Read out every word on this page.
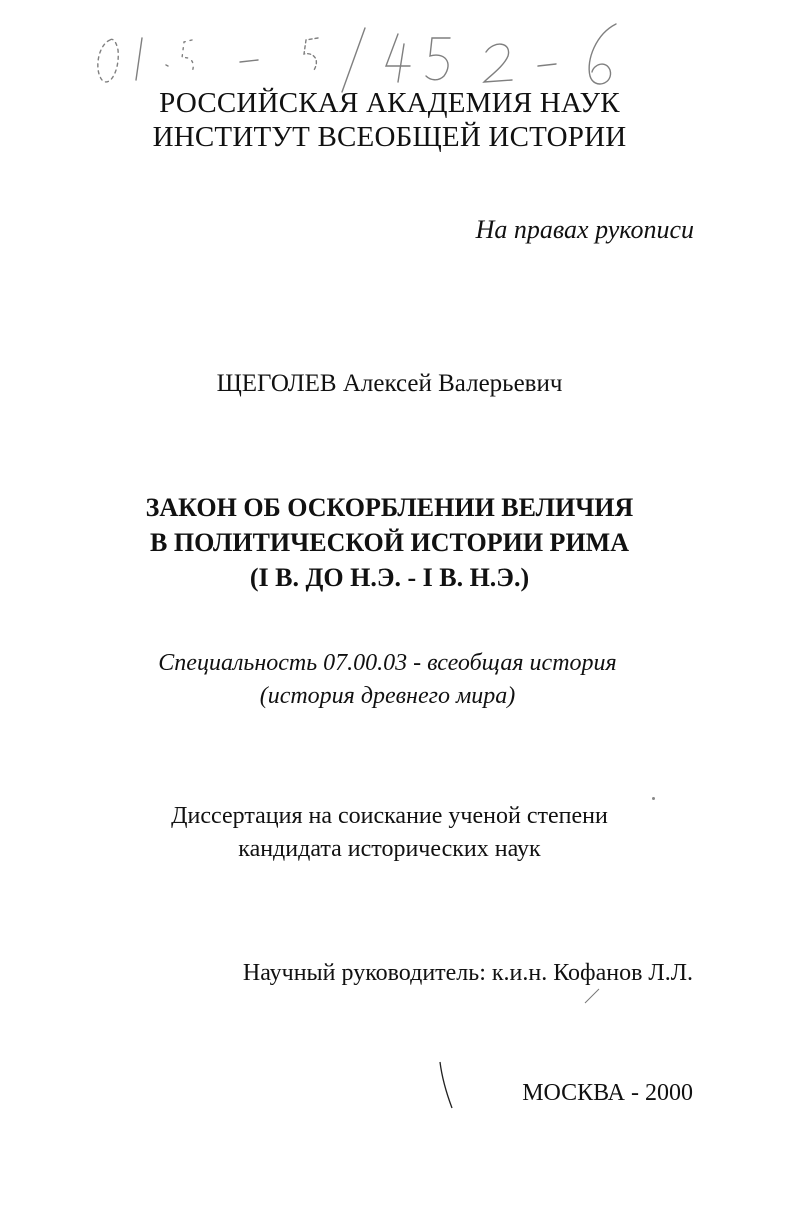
РОССИЙСКАЯ АКАДЕМИЯ НАУК
ИНСТИТУТ ВСЕОБЩЕЙ ИСТОРИИ
На правах рукописи
ЩЕГОЛЕВ Алексей Валерьевич
ЗАКОН ОБ ОСКОРБЛЕНИИ ВЕЛИЧИЯ
В ПОЛИТИЧЕСКОЙ ИСТОРИИ РИМА
(I В. ДО Н.Э. - I В. Н.Э.)
Специальность 07.00.03 - всеобщая история
(история древнего мира)
Диссертация на соискание ученой степени
кандидата исторических наук
Научный руководитель: к.и.н. Кофанов Л.Л.
МОСКВА - 2000
